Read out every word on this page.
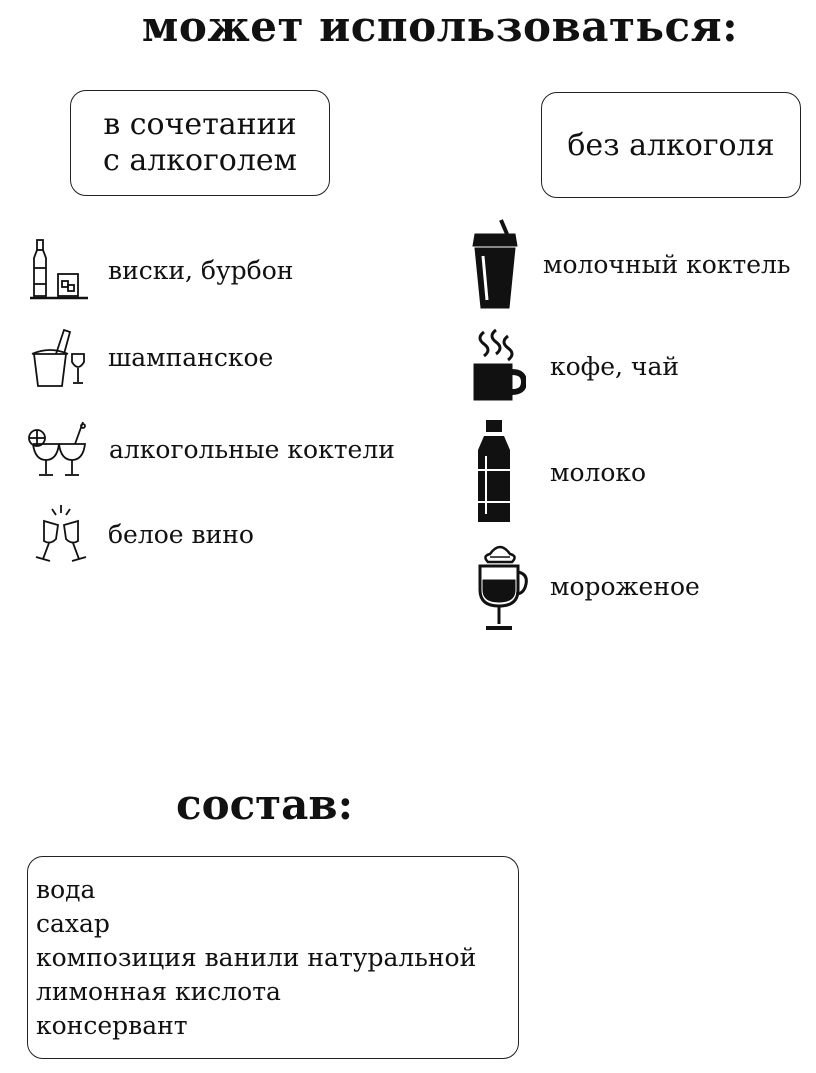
может использоваться:
в сочетании
с алкоголем	без алкоголя
виски, бурбон
шампанское
алкогольные коктели
белое вино
молочный коктель
кофе, чай
молоко
мороженое
состав:
вода
сахар
композиция ванили натуральной
лимонная кислота
консервант
